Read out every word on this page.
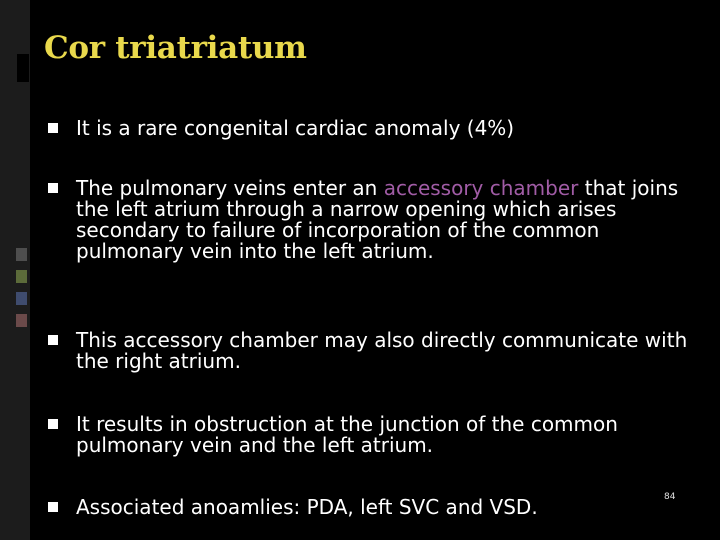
Cor triatriatum
It is a rare congenital cardiac anomaly (4%)
The pulmonary veins enter an accessory chamber that joins the left atrium through a narrow opening which arises secondary to failure of incorporation of the common pulmonary vein into the left atrium.
This accessory chamber may also directly communicate with the right atrium.
It results in obstruction at the junction of the common pulmonary vein and the left atrium.
Associated anoamlies: PDA, left SVC and VSD.	84
